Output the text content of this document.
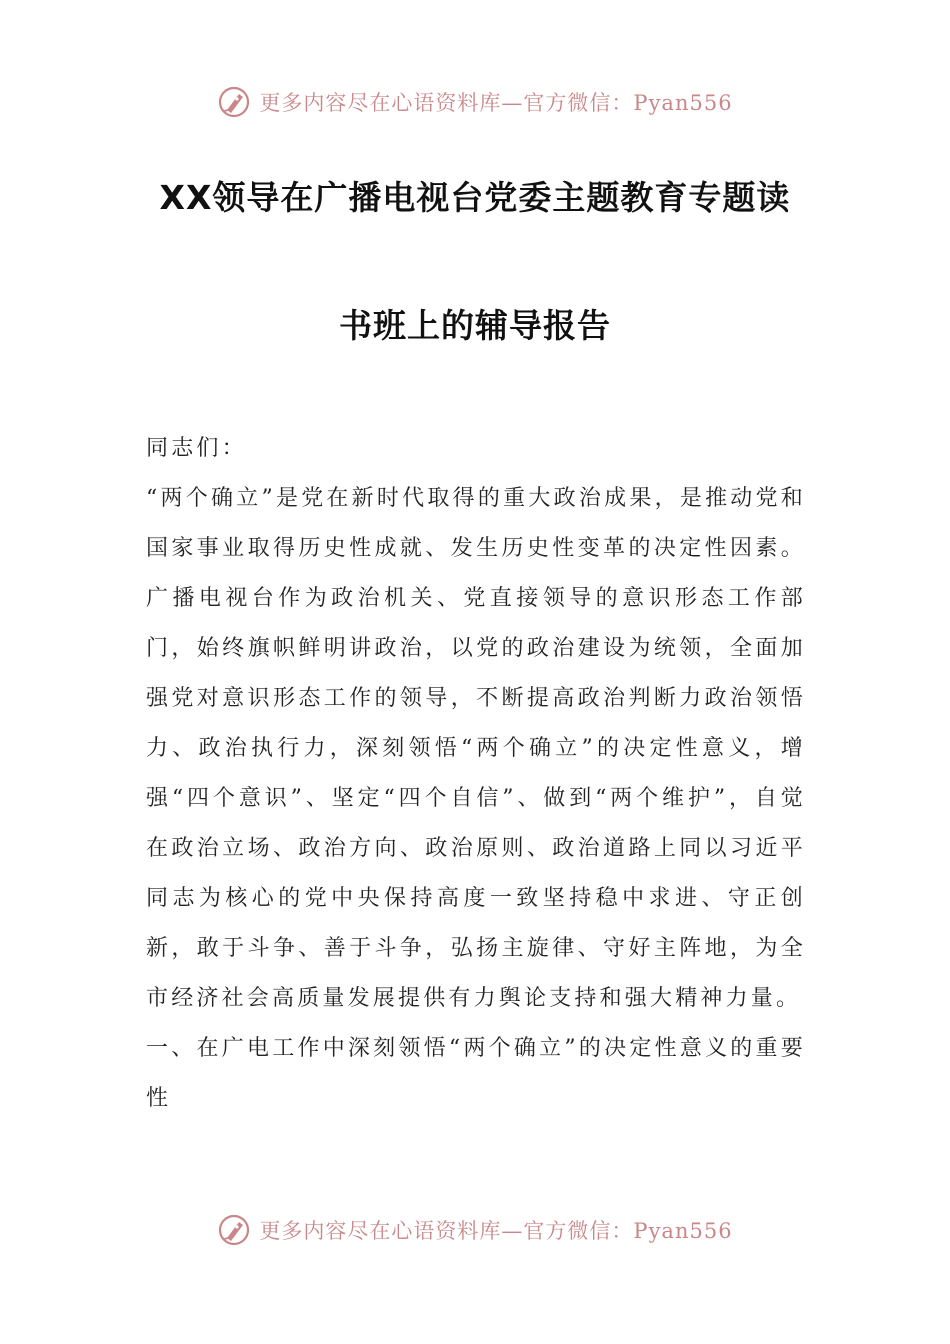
更多内容尽在心语资料库—官方微信：Pyan556
XX领导在广播电视台党委主题教育专题读
书班上的辅导报告

同志们：

“两个确立”是党在新时代取得的重大政治成果，是推动党和国家事业取得历史性成就、发生历史性变革的决定性因素。广播电视台作为政治机关、党直接领导的意识形态工作部门，始终旗帜鲜明讲政治，以党的政治建设为统领，全面加强党对意识形态工作的领导，不断提高政治判断力政治领悟力、政治执行力，深刻领悟“两个确立”的决定性意义，增强“四个意识”、坚定“四个自信”、做到“两个维护”，自觉在政治立场、政治方向、政治原则、政治道路上同以习近平同志为核心的党中央保持高度一致坚持稳中求进、守正创新，敢于斗争、善于斗争，弘扬主旋律、守好主阵地，为全市经济社会高质量发展提供有力舆论支持和强大精神力量。

一、在广电工作中深刻领悟“两个确立”的决定性意义的重要性

更多内容尽在心语资料库—官方微信：Pyan556
